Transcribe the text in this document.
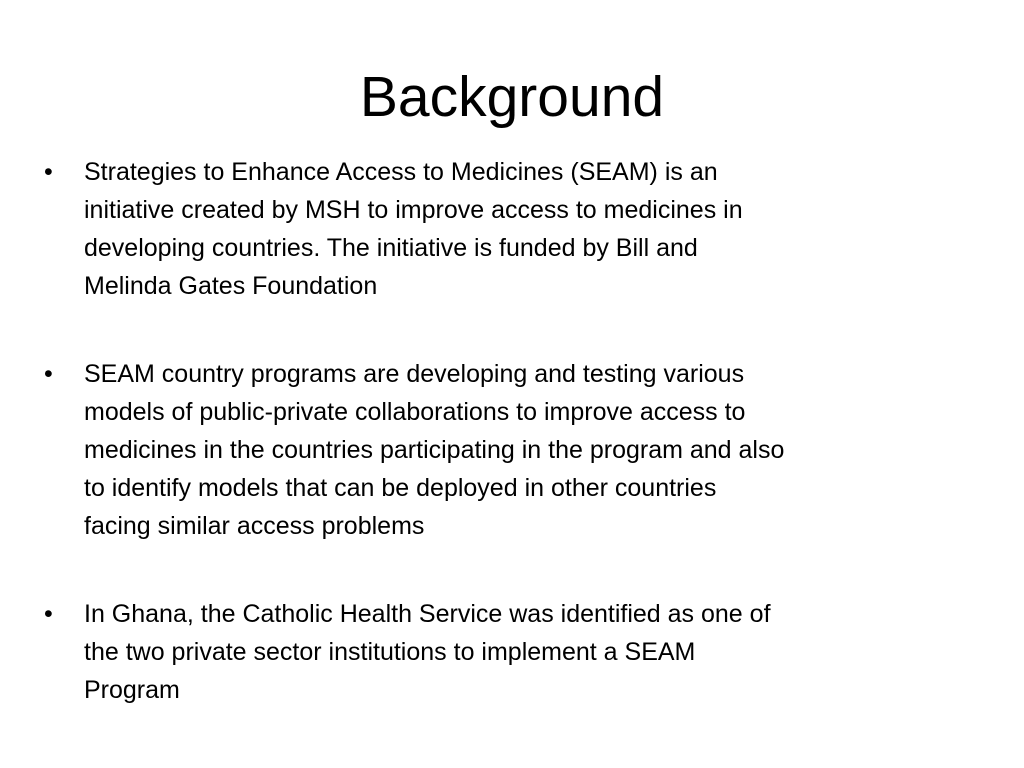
Background
•	Strategies to Enhance Access to Medicines (SEAM) is an
initiative created by MSH to improve access to medicines in
developing countries. The initiative is funded by Bill and
Melinda Gates Foundation
•	SEAM country programs are developing and testing various
models of public-private collaborations to improve access to
medicines in the countries participating in the program and also
to identify models that can be deployed in other countries
facing similar access problems
•	In Ghana, the Catholic Health Service was identified as one of
the two private sector institutions to implement a SEAM
Program
